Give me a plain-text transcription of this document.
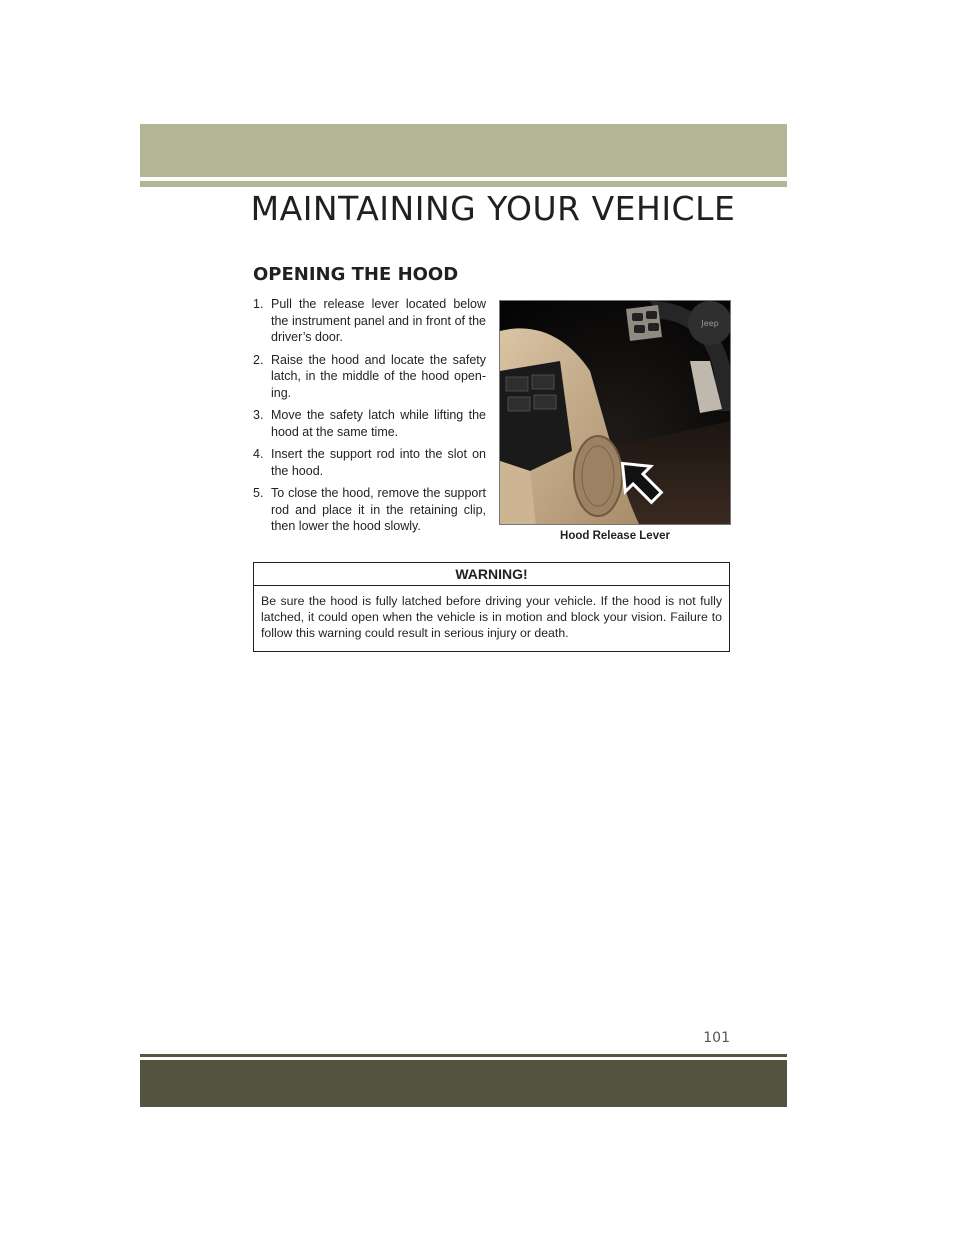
MAINTAINING YOUR VEHICLE
OPENING THE HOOD
1. Pull the release lever located below the instrument panel and in front of the driver’s door.
2. Raise the hood and locate the safety latch, in the middle of the hood open-ing.
3. Move the safety latch while lifting the hood at the same time.
4. Insert the support rod into the slot on the hood.
5. To close the hood, remove the support rod and place it in the retaining clip, then lower the hood slowly.
Jeep
Hood Release Lever
WARNING!
Be sure the hood is fully latched before driving your vehicle. If the hood is not fully latched, it could open when the vehicle is in motion and block your vision. Failure to follow this warning could result in serious injury or death.
101
